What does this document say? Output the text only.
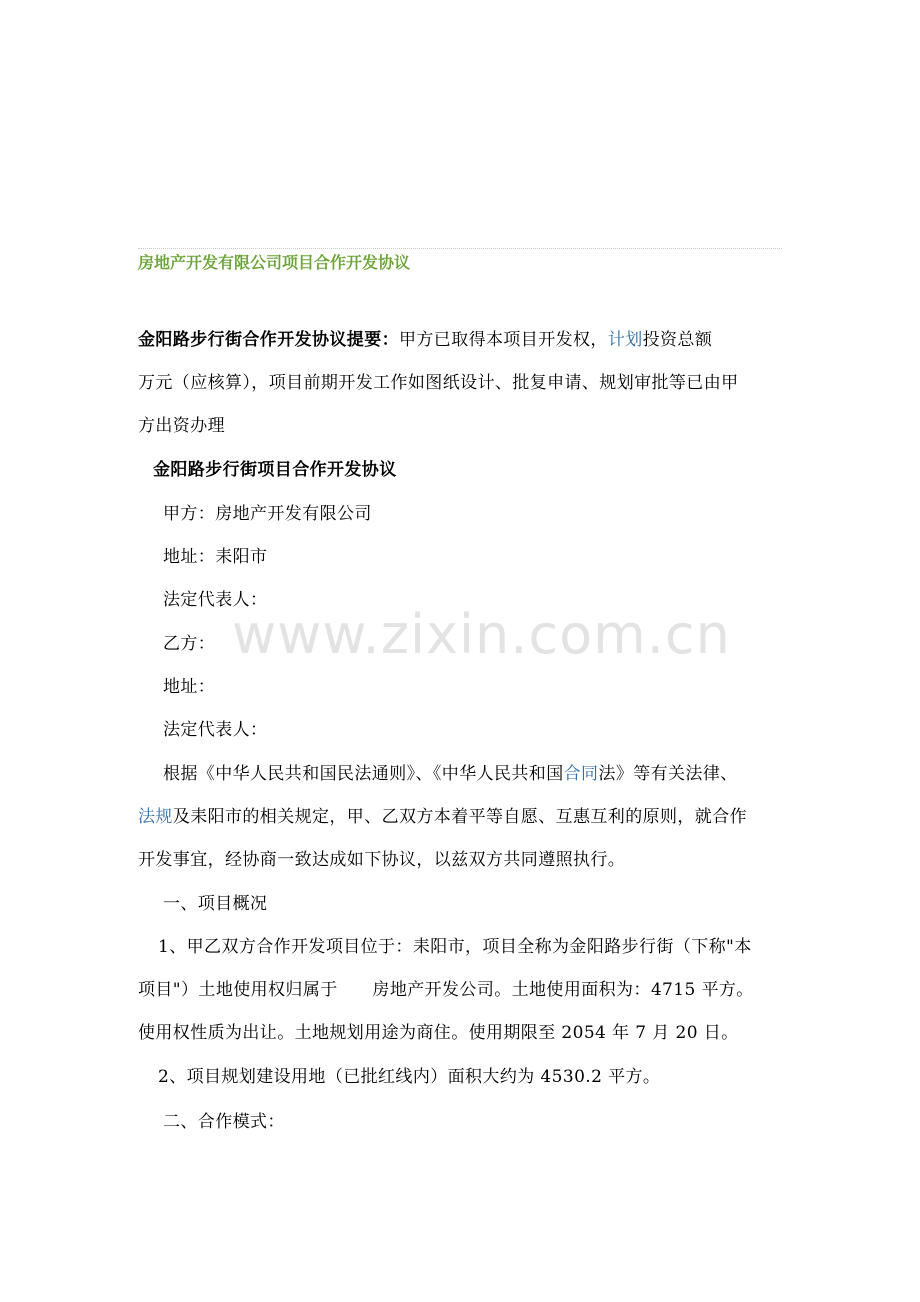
房地产开发有限公司项目合作开发协议
金阳路步行街合作开发协议提要：甲方已取得本项目开发权，计划投资总额
万元（应核算），项目前期开发工作如图纸设计、批复申请、规划审批等已由甲
方出资办理
金阳路步行街项目合作开发协议
甲方：房地产开发有限公司
地址：耒阳市
法定代表人：
乙方：
地址：
法定代表人：
根据《中华人民共和国民法通则》、《中华人民共和国合同法》等有关法律、
法规及耒阳市的相关规定，甲、乙双方本着平等自愿、互惠互利的原则，就合作
开发事宜，经协商一致达成如下协议，以兹双方共同遵照执行。
一、项目概况
1、甲乙双方合作开发项目位于：耒阳市，项目全称为金阳路步行街（下称"本
项目"）土地使用权归属于　　房地产开发公司。土地使用面积为：4715 平方。
使用权性质为出让。土地规划用途为商住。使用期限至 2054 年 7 月 20 日。
2、项目规划建设用地（已批红线内）面积大约为 4530.2 平方。
二、合作模式：
www.zixin.com.cn
